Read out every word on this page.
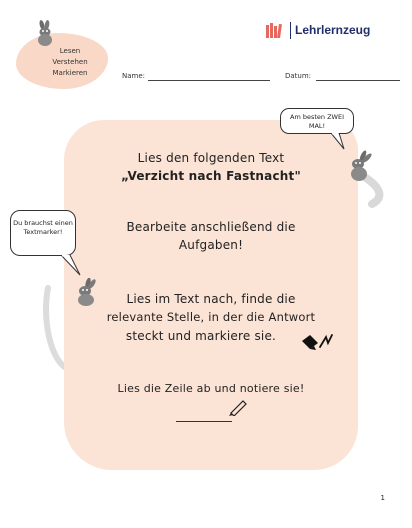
Lesen
Verstehen
Markieren
Lehrlernzeug
Name:	Datum:
Am besten ZWEI MAL!
Du brauchst einen Textmarker!
Lies den folgenden Text
„Verzicht nach Fastnacht"
Bearbeite anschließend die
Aufgaben!
Lies im Text nach, finde die
relevante Stelle, in der die Antwort
steckt und markiere sie.
Lies die Zeile ab und notiere sie!
1
